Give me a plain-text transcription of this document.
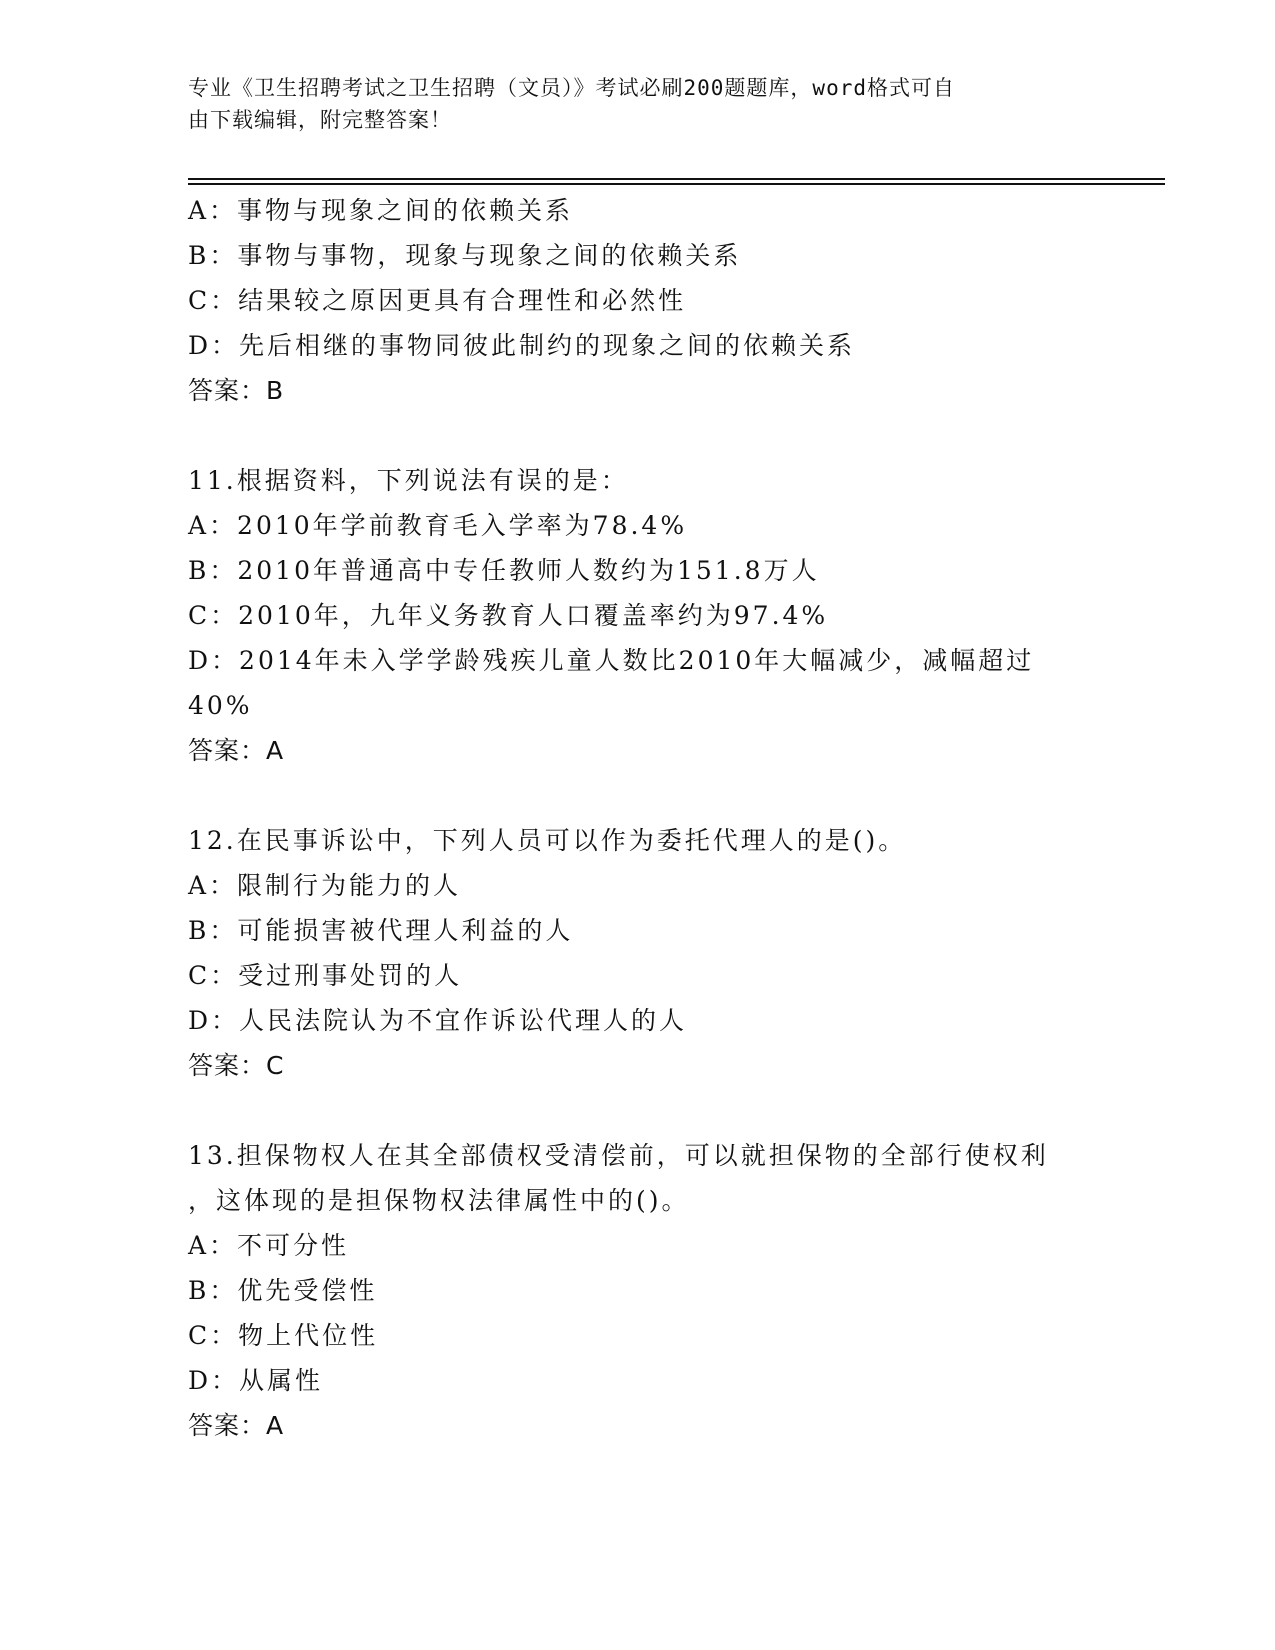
专业《卫生招聘考试之卫生招聘（文员）》考试必刷200题题库，word格式可自
由下载编辑，附完整答案！
A：事物与现象之间的依赖关系
B：事物与事物，现象与现象之间的依赖关系
C：结果较之原因更具有合理性和必然性
D：先后相继的事物同彼此制约的现象之间的依赖关系
答案：B
11.根据资料，下列说法有误的是：
A：2010年学前教育毛入学率为78.4%
B：2010年普通高中专任教师人数约为151.8万人
C：2010年，九年义务教育人口覆盖率约为97.4%
D：2014年未入学学龄残疾儿童人数比2010年大幅减少，减幅超过
40%
答案：A
12.在民事诉讼中，下列人员可以作为委托代理人的是()。
A：限制行为能力的人
B：可能损害被代理人利益的人
C：受过刑事处罚的人
D：人民法院认为不宜作诉讼代理人的人
答案：C
13.担保物权人在其全部债权受清偿前，可以就担保物的全部行使权利
，这体现的是担保物权法律属性中的()。
A：不可分性
B：优先受偿性
C：物上代位性
D：从属性
答案：A
